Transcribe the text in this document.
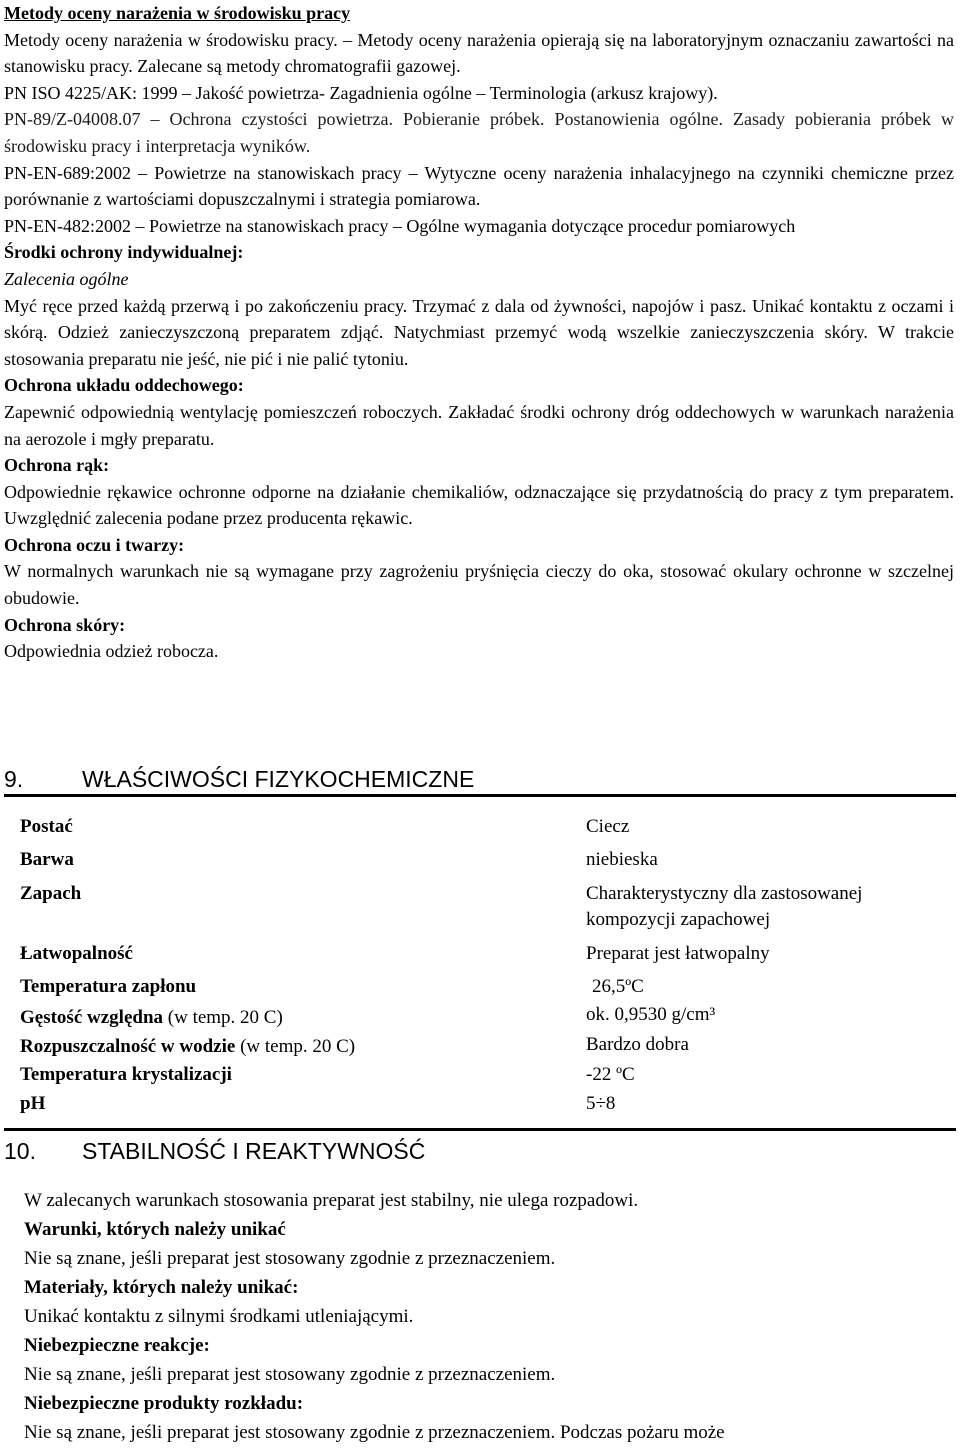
Metody oceny narażenia w środowisku pracy

Metody oceny narażenia w środowisku pracy. – Metody oceny narażenia opierają się na laboratoryjnym oznaczaniu zawartości na stanowisku pracy. Zalecane są metody chromatografii gazowej.

PN ISO 4225/AK: 1999 – Jakość powietrza- Zagadnienia ogólne – Terminologia (arkusz krajowy).

PN-89/Z-04008.07 – Ochrona czystości powietrza. Pobieranie próbek. Postanowienia ogólne. Zasady pobierania próbek w środowisku pracy i interpretacja wyników.

PN-EN-689:2002 – Powietrze na stanowiskach pracy – Wytyczne oceny narażenia inhalacyjnego na czynniki chemiczne przez porównanie z wartościami dopuszczalnymi i strategia pomiarowa.

PN-EN-482:2002 – Powietrze na stanowiskach pracy – Ogólne wymagania dotyczące procedur pomiarowych

Środki ochrony indywidualnej:

Zalecenia ogólne

Myć ręce przed każdą przerwą i po zakończeniu pracy. Trzymać z dala od żywności, napojów i pasz. Unikać kontaktu z oczami i skórą. Odzież zanieczyszczoną preparatem zdjąć. Natychmiast przemyć wodą wszelkie zanieczyszczenia skóry. W trakcie stosowania preparatu nie jeść, nie pić i nie palić tytoniu.

Ochrona układu oddechowego:

Zapewnić odpowiednią wentylację pomieszczeń roboczych. Zakładać środki ochrony dróg oddechowych w warunkach narażenia na aerozole i mgły preparatu.

Ochrona rąk:

Odpowiednie rękawice ochronne odporne na działanie chemikaliów, odznaczające się przydatnością do pracy z tym preparatem. Uwzględnić zalecenia podane przez producenta rękawic.

Ochrona oczu i twarzy:

W normalnych warunkach nie są wymagane przy zagrożeniu pryśnięcia cieczy do oka, stosować okulary ochronne w szczelnej obudowie.

Ochrona skóry:

Odpowiednia odzież robocza.

9.	WŁAŚCIWOŚCI FIZYKOCHEMICZNE
Postać	Ciecz
Barwa	niebieska
Zapach	Charakterystyczny dla zastosowanej kompozycji zapachowej
Łatwopalność	Preparat jest łatwopalny
Temperatura zapłonu	26,5ºC
Gęstość względna (w temp. 20 C)	ok. 0,9530 g/cm³
Rozpuszczalność w wodzie (w temp. 20 C)	Bardzo dobra
Temperatura krystalizacji	-22 ºC
pH	5÷8
10. STABILNOŚĆ I REAKTYWNOŚĆ

W zalecanych warunkach stosowania preparat jest stabilny, nie ulega rozpadowi.

Warunki, których należy unikać

Nie są znane, jeśli preparat jest stosowany zgodnie z przeznaczeniem.

Materiały, których należy unikać:

Unikać kontaktu z silnymi środkami utleniającymi.

Niebezpieczne reakcje:

Nie są znane, jeśli preparat jest stosowany zgodnie z przeznaczeniem.

Niebezpieczne produkty rozkładu:

Nie są znane, jeśli preparat jest stosowany zgodnie z przeznaczeniem. Podczas pożaru może
